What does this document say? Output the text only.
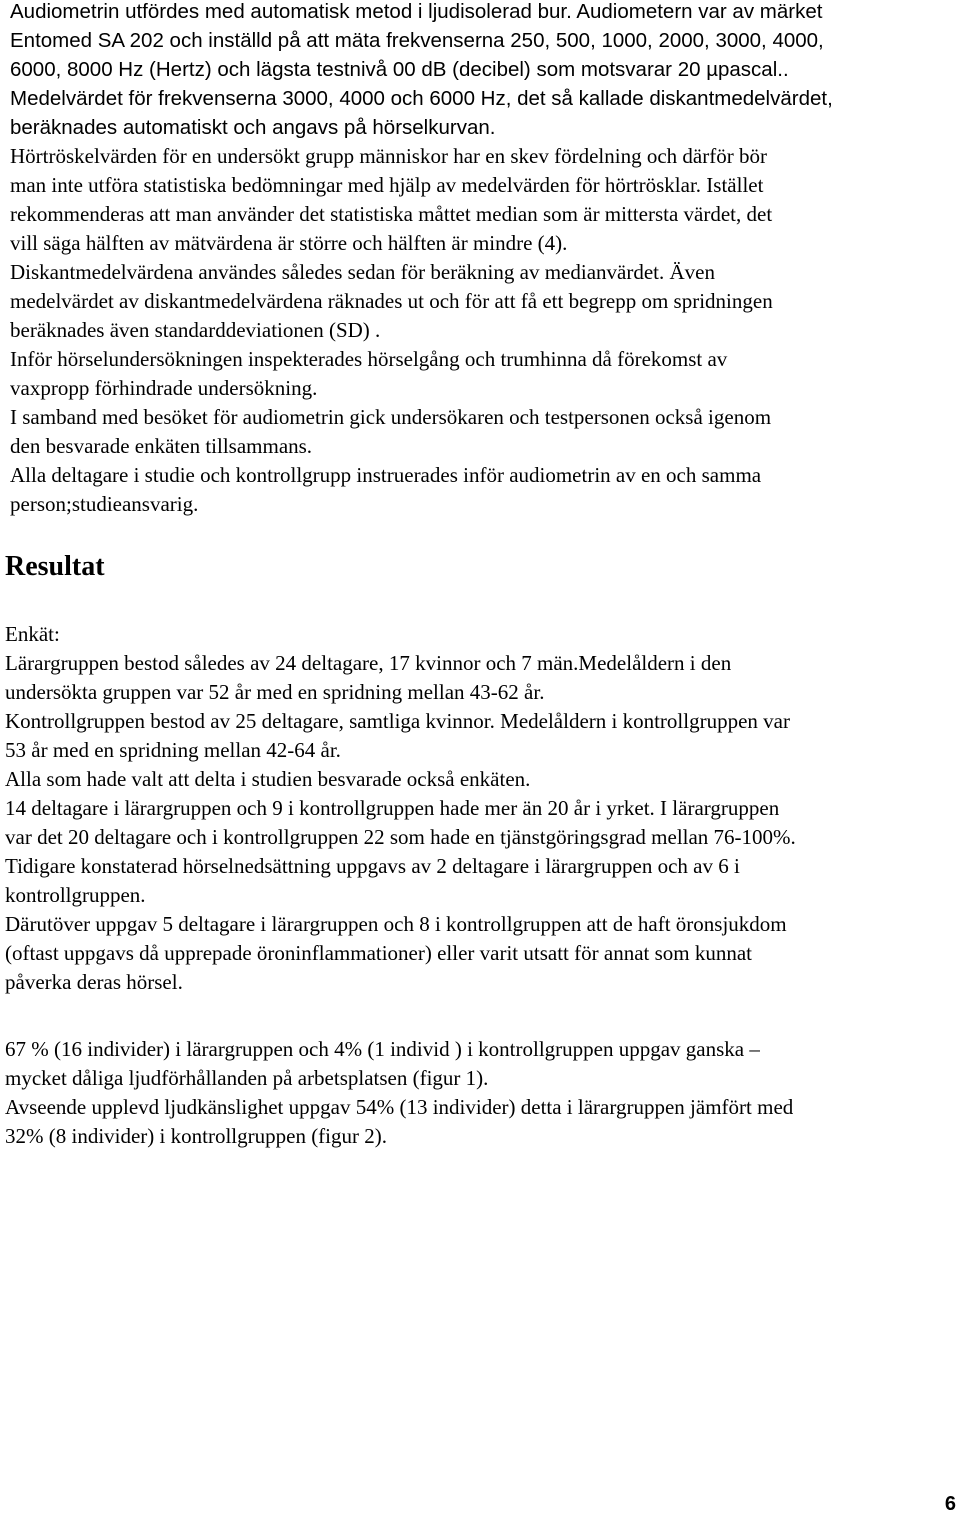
Audiometrin utfördes med automatisk metod i ljudisolerad bur. Audiometern var av märket
Entomed SA 202 och inställd på att mäta frekvenserna 250, 500, 1000, 2000, 3000, 4000,
6000, 8000 Hz (Hertz) och lägsta testnivå 00 dB (decibel) som motsvarar 20 µpascal..
Medelvärdet för frekvenserna 3000, 4000 och 6000 Hz, det så kallade diskantmedelvärdet,
beräknades automatiskt och angavs på hörselkurvan.
Hörtröskelvärden för en undersökt grupp människor har en skev fördelning och därför bör
man inte utföra statistiska bedömningar med hjälp av medelvärden för hörtrösklar. Istället
rekommenderas att man använder det statistiska måttet median som är mittersta värdet, det
vill säga hälften av mätvärdena är större och hälften är mindre (4).
Diskantmedelvärdena användes således sedan för beräkning av medianvärdet. Även
medelvärdet av diskantmedelvärdena räknades ut och för att få ett begrepp om spridningen
beräknades även standarddeviationen (SD) .
Inför hörselundersökningen inspekterades hörselgång och trumhinna då förekomst av
vaxpropp förhindrade undersökning.
I samband med besöket för audiometrin gick undersökaren och testpersonen också igenom
den besvarade enkäten tillsammans.
Alla deltagare i studie och kontrollgrupp instruerades inför audiometrin av en och samma
person;studieansvarig.
Resultat
Enkät:
Lärargruppen bestod således av 24 deltagare, 17 kvinnor och 7 män.Medelåldern i den
undersökta gruppen var 52 år med en spridning mellan 43-62 år.
Kontrollgruppen bestod av 25 deltagare, samtliga kvinnor. Medelåldern i kontrollgruppen var
53 år med en spridning mellan 42-64 år.
Alla som hade valt att delta i studien besvarade också enkäten.
14 deltagare i lärargruppen och 9 i kontrollgruppen hade mer än 20 år i yrket. I lärargruppen
var det 20 deltagare och i kontrollgruppen 22 som hade en tjänstgöringsgrad mellan 76-100%.
Tidigare konstaterad hörselnedsättning uppgavs av 2 deltagare i lärargruppen och av 6 i
kontrollgruppen.
Därutöver uppgav 5 deltagare i lärargruppen och 8 i kontrollgruppen att de haft öronsjukdom
(oftast uppgavs då upprepade öroninflammationer) eller varit utsatt för annat som kunnat
påverka deras hörsel.
67 % (16 individer) i lärargruppen och 4% (1 individ ) i kontrollgruppen uppgav ganska –
mycket dåliga ljudförhållanden på arbetsplatsen (figur 1).
Avseende upplevd ljudkänslighet uppgav 54% (13 individer) detta i lärargruppen jämfört med
32% (8 individer) i kontrollgruppen (figur 2).
6
